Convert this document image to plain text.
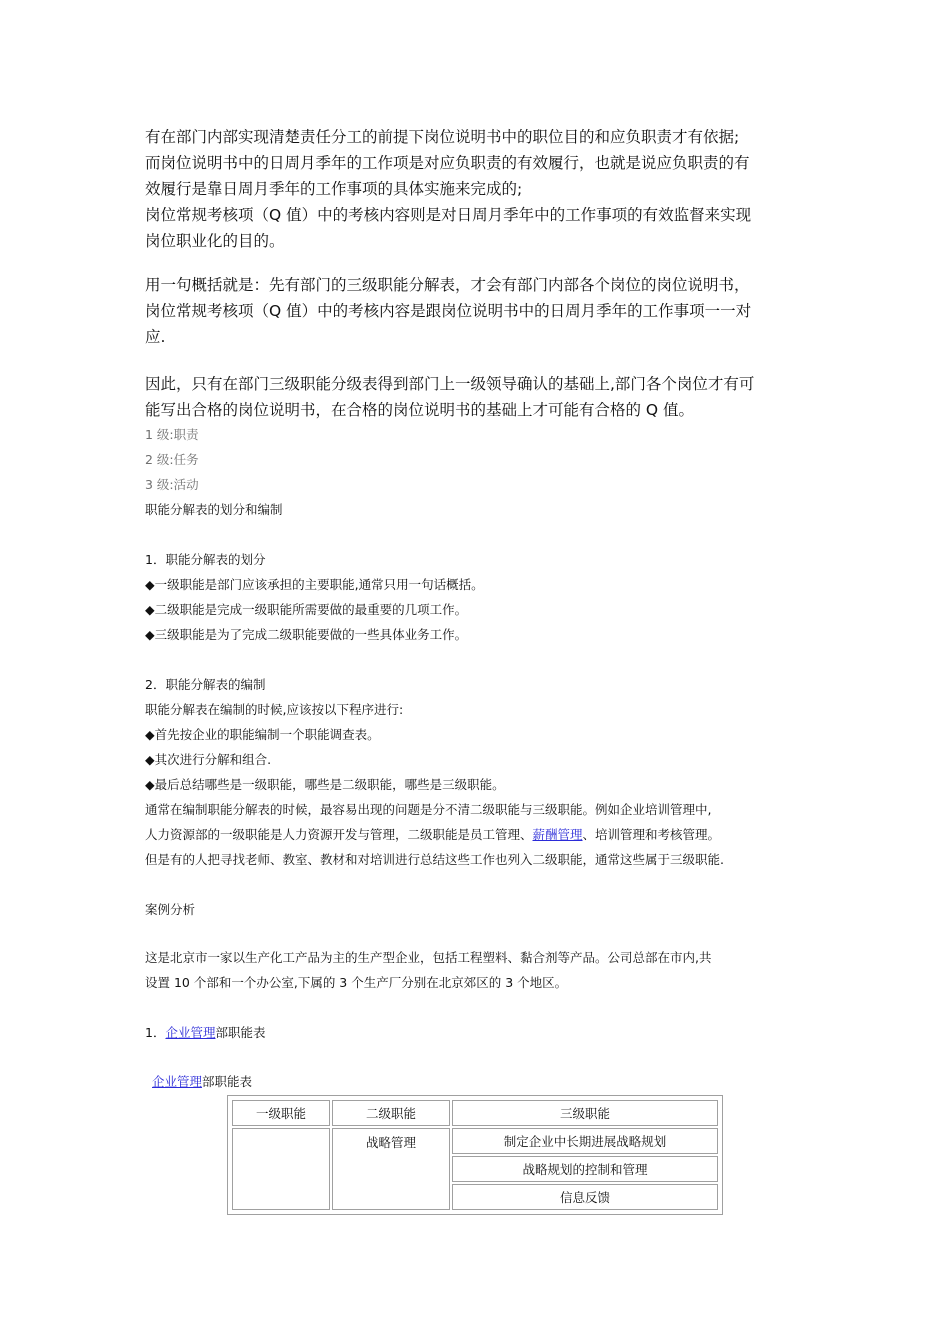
有在部门内部实现清楚责任分工的前提下岗位说明书中的职位目的和应负职责才有依据;
而岗位说明书中的日周月季年的工作项是对应负职责的有效履行，也就是说应负职责的有
效履行是靠日周月季年的工作事项的具体实施来完成的;
岗位常规考核项（Q 值）中的考核内容则是对日周月季年中的工作事项的有效监督来实现
岗位职业化的目的。
用一句概括就是：先有部门的三级职能分解表，才会有部门内部各个岗位的岗位说明书，
岗位常规考核项（Q 值）中的考核内容是跟岗位说明书中的日周月季年的工作事项一一对
应.
因此，只有在部门三级职能分级表得到部门上一级领导确认的基础上,部门各个岗位才有可
能写出合格的岗位说明书，在合格的岗位说明书的基础上才可能有合格的 Q 值。
1 级:职责
2 级:任务
3 级:活动
职能分解表的划分和编制
1．职能分解表的划分
◆一级职能是部门应该承担的主要职能,通常只用一句话概括。
◆二级职能是完成一级职能所需要做的最重要的几项工作。
◆三级职能是为了完成二级职能要做的一些具体业务工作。
2．职能分解表的编制
职能分解表在编制的时候,应该按以下程序进行:
◆首先按企业的职能编制一个职能调查表。
◆其次进行分解和组合.
◆最后总结哪些是一级职能，哪些是二级职能，哪些是三级职能。
通常在编制职能分解表的时候，最容易出现的问题是分不清二级职能与三级职能。例如企业培训管理中,
人力资源部的一级职能是人力资源开发与管理，二级职能是员工管理、薪酬管理、培训管理和考核管理。
但是有的人把寻找老师、教室、教材和对培训进行总结这些工作也列入二级职能，通常这些属于三级职能.
案例分析
这是北京市一家以生产化工产品为主的生产型企业，包括工程塑料、黏合剂等产品。公司总部在市内,共
设置 10 个部和一个办公室,下属的 3 个生产厂分别在北京郊区的 3 个地区。
1．企业管理部职能表
企业管理部职能表
一级职能	二级职能	三级职能
	战略管理	制定企业中长期进展战略规划
		战略规划的控制和管理
		信息反馈
